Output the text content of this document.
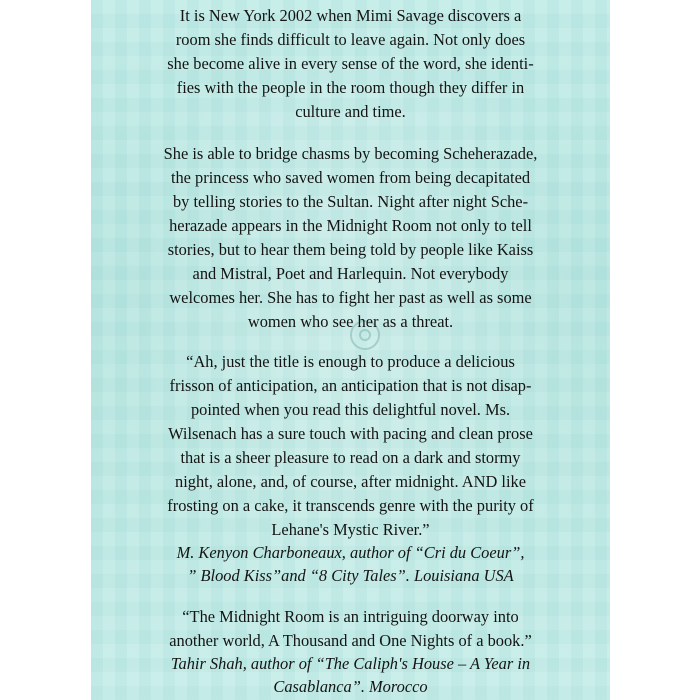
It is New York 2002 when Mimi Savage discovers a
room she finds difficult to leave again. Not only does
she become alive in every sense of the word, she identi-
fies with the people in the room though they differ in
culture and time.
She is able to bridge chasms by becoming Scheherazade,
the princess who saved women from being decapitated
by telling stories to the Sultan. Night after night Sche-
herazade appears in the Midnight Room not only to tell
stories, but to hear them being told by people like Kaiss
and Mistral, Poet and Harlequin. Not everybody
welcomes her. She has to fight her past as well as some
women who see her as a threat.
“Ah, just the title is enough to produce a delicious
frisson of anticipation, an anticipation that is not disap-
pointed when you read this delightful novel. Ms.
Wilsenach has a sure touch with pacing and clean prose
that is a sheer pleasure to read on a dark and stormy
night, alone, and, of course, after midnight. AND like
frosting on a cake, it transcends genre with the purity of
Lehane's Mystic River.”
M. Kenyon Charboneaux, author of “Cri du Coeur”,
” Blood Kiss”and “8 City Tales”. Louisiana USA
“The Midnight Room is an intriguing doorway into
another world, A Thousand and One Nights of a book.”
Tahir Shah, author of “The Caliph's House – A Year in
Casablanca”. Morocco
